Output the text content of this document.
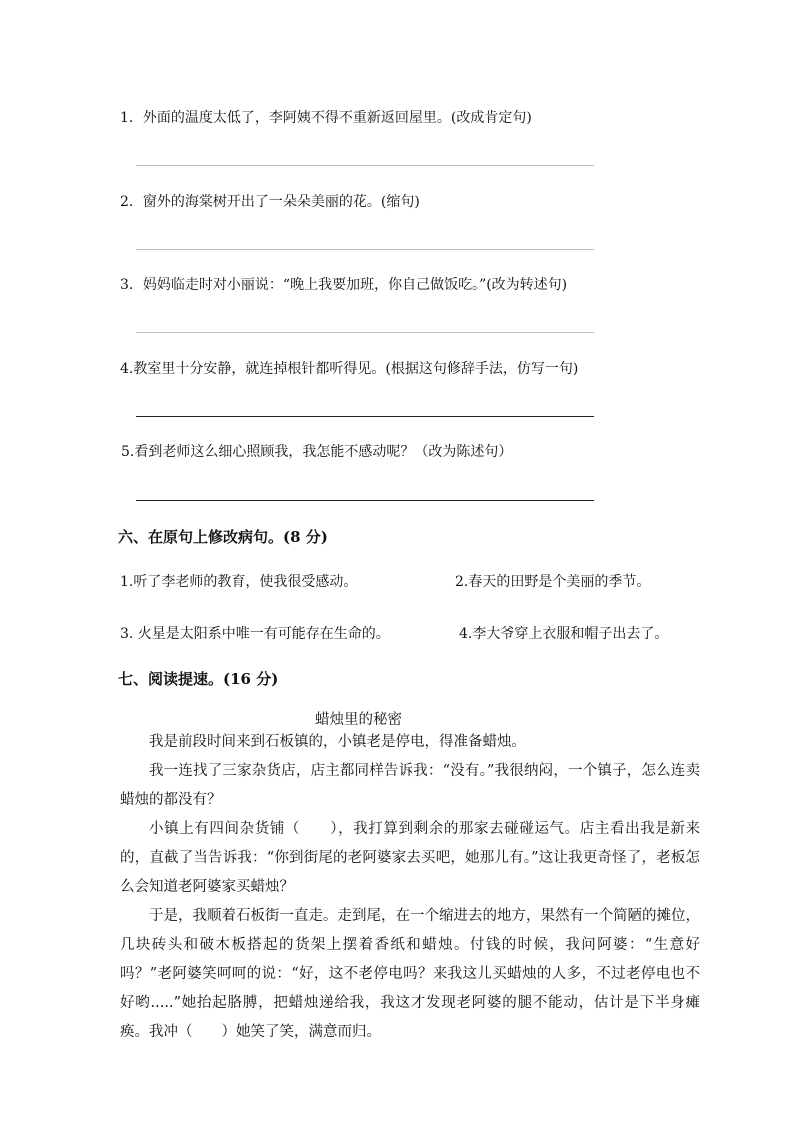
1．外面的温度太低了，李阿姨不得不重新返回屋里。(改成肯定句)
2．窗外的海棠树开出了一朵朵美丽的花。(缩句)
3．妈妈临走时对小丽说：“晚上我要加班，你自己做饭吃。”(改为转述句)
4.教室里十分安静，就连掉根针都听得见。(根据这句修辞手法，仿写一句)
5.看到老师这么细心照顾我，我怎能不感动呢？（改为陈述句）
六、在原句上修改病句。(8 分)
1.听了李老师的教育，使我很受感动。	2.春天的田野是个美丽的季节。
3. 火星是太阳系中唯一有可能存在生命的。	4.李大爷穿上衣服和帽子出去了。
七、阅读提速。(16 分)
蜡烛里的秘密

我是前段时间来到石板镇的，小镇老是停电，得准备蜡烛。

我一连找了三家杂货店，店主都同样告诉我：“没有。”我很纳闷，一个镇子，怎么连卖蜡烛的都没有？

小镇上有四间杂货铺（　　），我打算到剩余的那家去碰碰运气。店主看出我是新来的，直截了当告诉我：“你到街尾的老阿婆家去买吧，她那儿有。”这让我更奇怪了，老板怎么会知道老阿婆家买蜡烛？

于是，我顺着石板街一直走。走到尾，在一个缩进去的地方，果然有一个简陋的摊位，几块砖头和破木板搭起的货架上摆着香纸和蜡烛。付钱的时候，我问阿婆：“生意好吗？”老阿婆笑呵呵的说：“好，这不老停电吗？来我这儿买蜡烛的人多，不过老停电也不好哟.....”她抬起胳膊，把蜡烛递给我，我这才发现老阿婆的腿不能动，估计是下半身瘫痪。我冲（　　）她笑了笑，满意而归。
